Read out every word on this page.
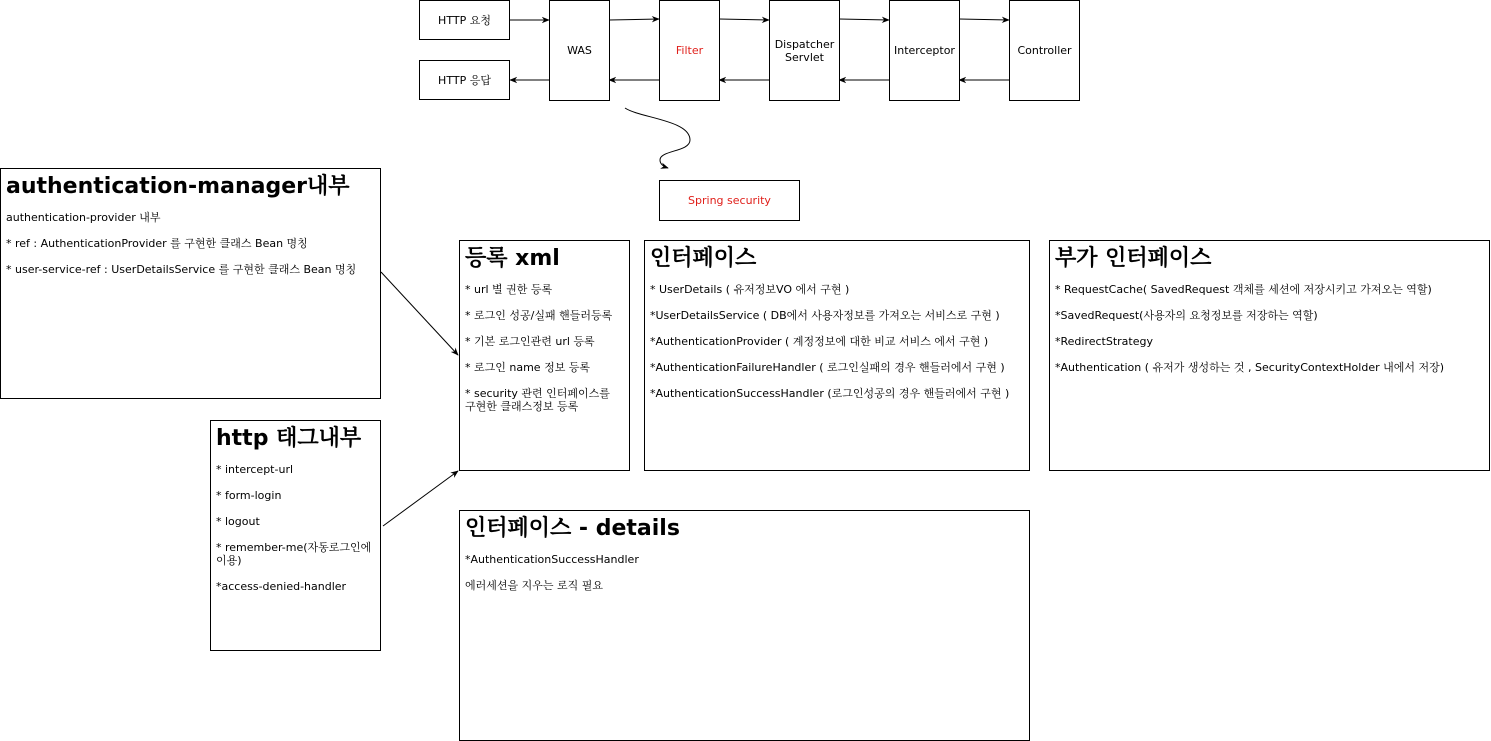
HTTP 요청
HTTP 응답
WAS	Filter	Dispatcher
Servlet	Interceptor	Controller
Spring security
authentication-manager내부
authentication-provider 내부
* ref : AuthenticationProvider 를 구현한 클래스 Bean 명칭
* user-service-ref : UserDetailsService 를 구현한 클래스 Bean 명칭
http 태그내부
* intercept-url
* form-login
* logout
* remember-me(자동로그인에 이용)
*access-denied-handler
등록 xml
* url 별 권한 등록
* 로그인 성공/실패 핸들러등록
* 기본 로그인관련 url 등록
* 로그인 name 정보 등록
* security 관련 인터페이스를 구현한 클래스정보 등록
인터페이스
* UserDetails ( 유저정보VO 에서 구현 )
*UserDetailsService ( DB에서 사용자정보를 가져오는 서비스로 구현 )
*AuthenticationProvider ( 계정정보에 대한 비교 서비스 에서 구현 )
*AuthenticationFailureHandler ( 로그인실패의 경우 핸들러에서 구현 )
*AuthenticationSuccessHandler (로그인성공의 경우 핸들러에서 구현 )
부가 인터페이스
* RequestCache( SavedRequest 객체를 세션에 저장시키고 가져오는 역할)
*SavedRequest(사용자의 요청정보를 저장하는 역할)
*RedirectStrategy
*Authentication ( 유저가 생성하는 것 , SecurityContextHolder 내에서 저장)
인터페이스 - details
*AuthenticationSuccessHandler
에러세션을 지우는 로직 필요
